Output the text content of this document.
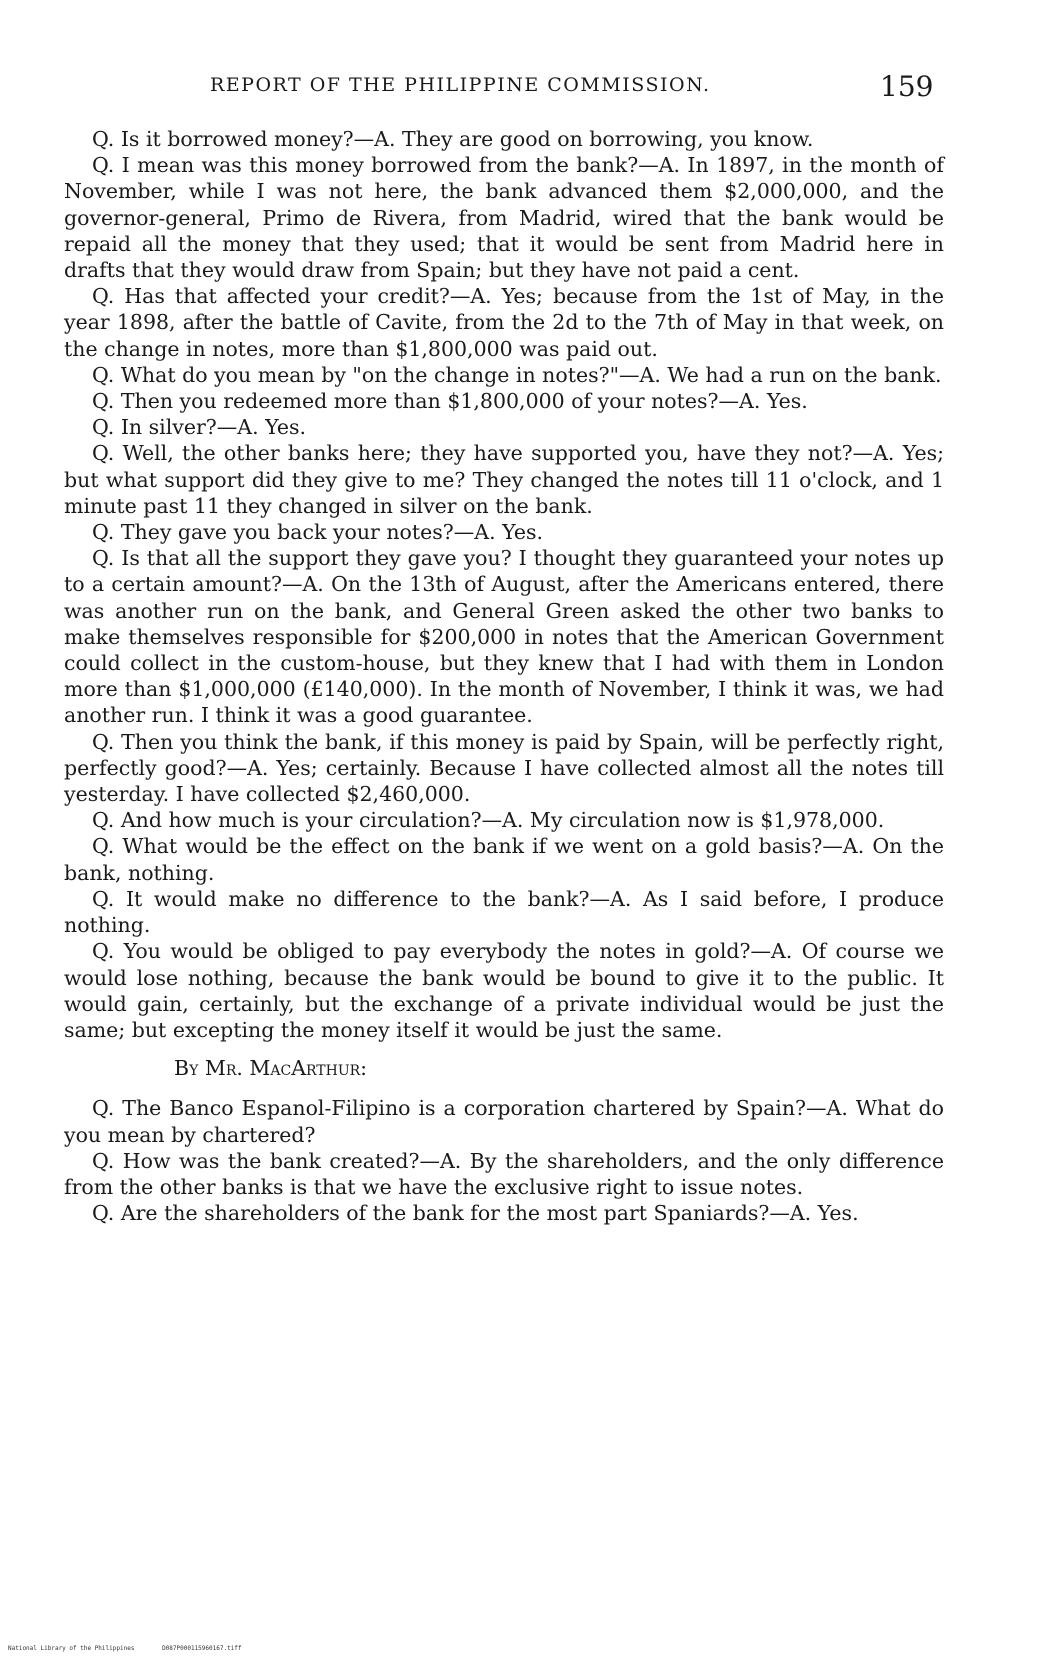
REPORT OF THE PHILIPPINE COMMISSION.	159

Q. Is it borrowed money?—A. They are good on borrowing, you know.

Q. I mean was this money borrowed from the bank?—A. In 1897, in the month of November, while I was not here, the bank advanced them $2,000,000, and the governor-general, Primo de Rivera, from Madrid, wired that the bank would be repaid all the money that they used; that it would be sent from Madrid here in drafts that they would draw from Spain; but they have not paid a cent.

Q. Has that affected your credit?—A. Yes; because from the 1st of May, in the year 1898, after the battle of Cavite, from the 2d to the 7th of May in that week, on the change in notes, more than $1,800,000 was paid out.

Q. What do you mean by "on the change in notes?"—A. We had a run on the bank.

Q. Then you redeemed more than $1,800,000 of your notes?—A. Yes.

Q. In silver?—A. Yes.

Q. Well, the other banks here; they have supported you, have they not?—A. Yes; but what support did they give to me? They changed the notes till 11 o'clock, and 1 minute past 11 they changed in silver on the bank.

Q. They gave you back your notes?—A. Yes.

Q. Is that all the support they gave you? I thought they guaranteed your notes up to a certain amount?—A. On the 13th of August, after the Americans entered, there was another run on the bank, and General Green asked the other two banks to make themselves responsible for $200,000 in notes that the American Government could collect in the custom-house, but they knew that I had with them in London more than $1,000,000 (£140,000). In the month of November, I think it was, we had another run. I think it was a good guarantee.

Q. Then you think the bank, if this money is paid by Spain, will be perfectly right, perfectly good?—A. Yes; certainly. Because I have collected almost all the notes till yesterday. I have collected $2,460,000.

Q. And how much is your circulation?—A. My circulation now is $1,978,000.

Q. What would be the effect on the bank if we went on a gold basis?—A. On the bank, nothing.

Q. It would make no difference to the bank?—A. As I said before, I produce nothing.

Q. You would be obliged to pay everybody the notes in gold?—A. Of course we would lose nothing, because the bank would be bound to give it to the public. It would gain, certainly, but the exchange of a private individual would be just the same; but excepting the money itself it would be just the same.

By Mr. MacArthur:

Q. The Banco Espanol-Filipino is a corporation chartered by Spain?—A. What do you mean by chartered?

Q. How was the bank created?—A. By the shareholders, and the only difference from the other banks is that we have the exclusive right to issue notes.

Q. Are the shareholders of the bank for the most part Spaniards?—A. Yes.

National Library of the Philippines	D087P000115960167.tiff
